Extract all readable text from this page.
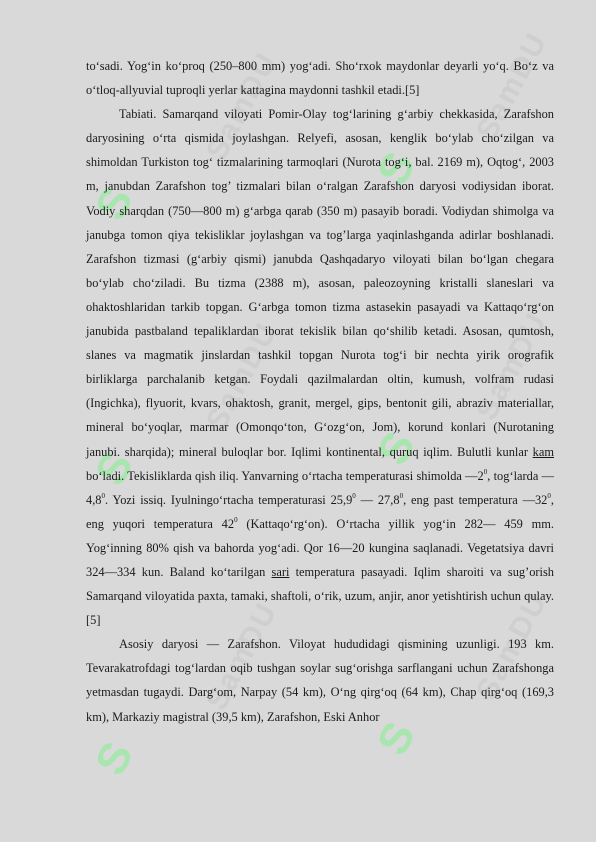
S
S
S	S
S	S
SamDU	SamDU
SamDU	SamDU
SamDU	SamDU

to‘sadi. Yog‘in ko‘proq (250–800 mm) yog‘adi. Sho‘rxok maydonlar deyarli yo‘q. Bo‘z va o‘tloq-allyuvial tuproqli yerlar kattagina maydonni tashkil etadi.[5]

Tabiati. Samarqand viloyati Pomir-Olay tog‘larining g‘arbiy chekkasida, Zarafshon daryosining o‘rta qismida joylashgan. Relyefi, asosan, kenglik bo‘ylab cho‘zilgan va shimoldan Turkiston tog‘ tizmalarining tarmoqlari (Nurota tog‘i, bal. 2169 m), Oqtog‘, 2003 m, janubdan Zarafshon tog’ tizmalari bilan o‘ralgan Zarafshon daryosi vodiysidan iborat. Vodiy sharqdan (750—800 m) g‘arbga qarab (350 m) pasayib boradi. Vodiydan shimolga va janubga tomon qiya tekisliklar joylashgan va tog’larga yaqinlashganda adirlar boshlanadi. Zarafshon tizmasi (g‘arbiy qismi) janubda Qashqadaryo viloyati bilan bo‘lgan chegara bo‘ylab cho‘ziladi. Bu tizma (2388 m), asosan, paleozoyning kristalli slaneslari va ohaktoshlaridan tarkib topgan. G‘arbga tomon tizma astasekin pasayadi va Kattaqo‘rg‘on janubida pastbaland tepaliklardan iborat tekislik bilan qo‘shilib ketadi. Asosan, qumtosh, slanes va magmatik jinslardan tashkil topgan Nurota tog‘i bir nechta yirik orografik birliklarga parchalanib ketgan. Foydali qazilmalardan oltin, kumush, volfram rudasi (Ingichka), flyuorit, kvars, ohaktosh, granit, mergel, gips, bentonit gili, abraziv materiallar, mineral bo‘yoqlar, marmar (Omonqo‘ton, G‘ozg‘on, Jom), korund konlari (Nurotaning janubi. sharqida); mineral buloqlar bor. Iqlimi kontinental, quruq iqlim. Bulutli kunlar kam bo‘ladi. Tekisliklarda qish iliq. Yanvarning o‘rtacha temperaturasi shimolda $—2^0$, tog‘larda $—4,8^0$. Yozi issiq. Iyulningo‘rtacha temperaturasi 25,9$^0$ — 27,8$^0$, eng past temperatura $—32^0$, eng yuqori temperatura $42^0$ (Kattaqo‘rg‘on). O‘rtacha yillik yog‘in 282— 459 mm. Yog‘inning 80% qish va bahorda yog‘adi. Qor 16—20 kungina saqlanadi. Vegetatsiya davri 324—334 kun. Baland ko‘tarilgan sari temperatura pasayadi. Iqlim sharoiti va sug’orish Samarqand viloyatida paxta, tamaki, shaftoli, o‘rik, uzum, anjir, anor yetishtirish uchun qulay.[5]

Asosiy daryosi — Zarafshon. Viloyat hududidagi qismining uzunligi. 193 km. Tevarakatrofdagi tog‘lardan oqib tushgan soylar sug‘orishga sarflangani uchun Zarafshonga yetmasdan tugaydi. Darg‘om, Narpay (54 km), O‘ng qirg‘oq (64 km), Chap qirg‘oq (169,3 km), Markaziy magistral (39,5 km), Zarafshon, Eski Anhor
